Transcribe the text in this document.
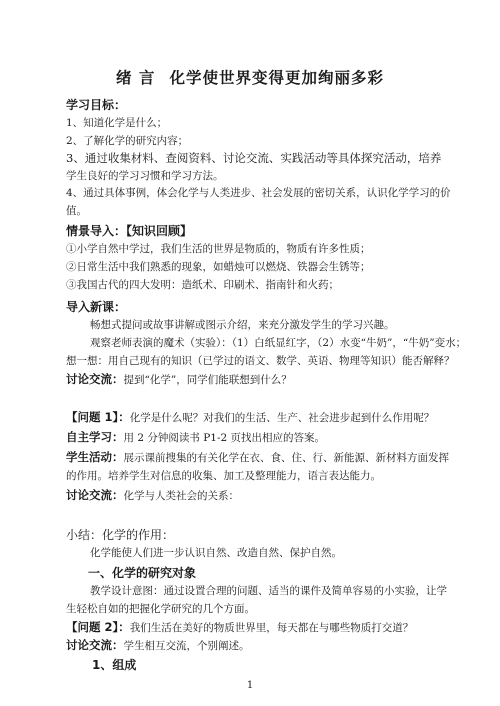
绪 言 化学使世界变得更加绚丽多彩
学习目标：
1、知道化学是什么；
2、了解化学的研究内容；
3、通过收集材料、查阅资料、讨论交流、实践活动等具体探究活动，培养
学生良好的学习习惯和学习方法。
4、通过具体事例，体会化学与人类进步、社会发展的密切关系，认识化学学习的价
值。
情景导入：【知识回顾】
①小学自然中学过，我们生活的世界是物质的，物质有许多性质；
②日常生活中我们熟悉的现象，如蜡烛可以燃烧、铁器会生锈等；
③我国古代的四大发明：造纸术、印刷术、指南针和火药；
导入新课：
畅想式提问或故事讲解或图示介绍，来充分激发学生的学习兴趣。
观察老师表演的魔术（实验）：（1）白纸显红字，（2）水变“牛奶”，“牛奶”变水；
想一想：用自己现有的知识（已学过的语文、数学、英语、物理等知识）能否解释？
讨论交流：提到“化学”，同学们能联想到什么？
【问题 1】：化学是什么呢？对我们的生活、生产、社会进步起到什么作用呢？
自主学习：用 2 分钟阅读书 P1-2 页找出相应的答案。
学生活动：展示课前搜集的有关化学在衣、食、住、行、新能源、新材料方面发挥
的作用。培养学生对信息的收集、加工及整理能力，语言表达能力。
讨论交流：化学与人类社会的关系：
小结：化学的作用：
化学能使人们进一步认识自然、改造自然、保护自然。
一、化学的研究对象
教学设计意图：通过设置合理的问题、适当的课件及简单容易的小实验，让学
生轻松自如的把握化学研究的几个方面。
【问题 2】：我们生活在美好的物质世界里，每天都在与哪些物质打交道？
讨论交流：学生相互交流，个别阐述。
1、组成
1
